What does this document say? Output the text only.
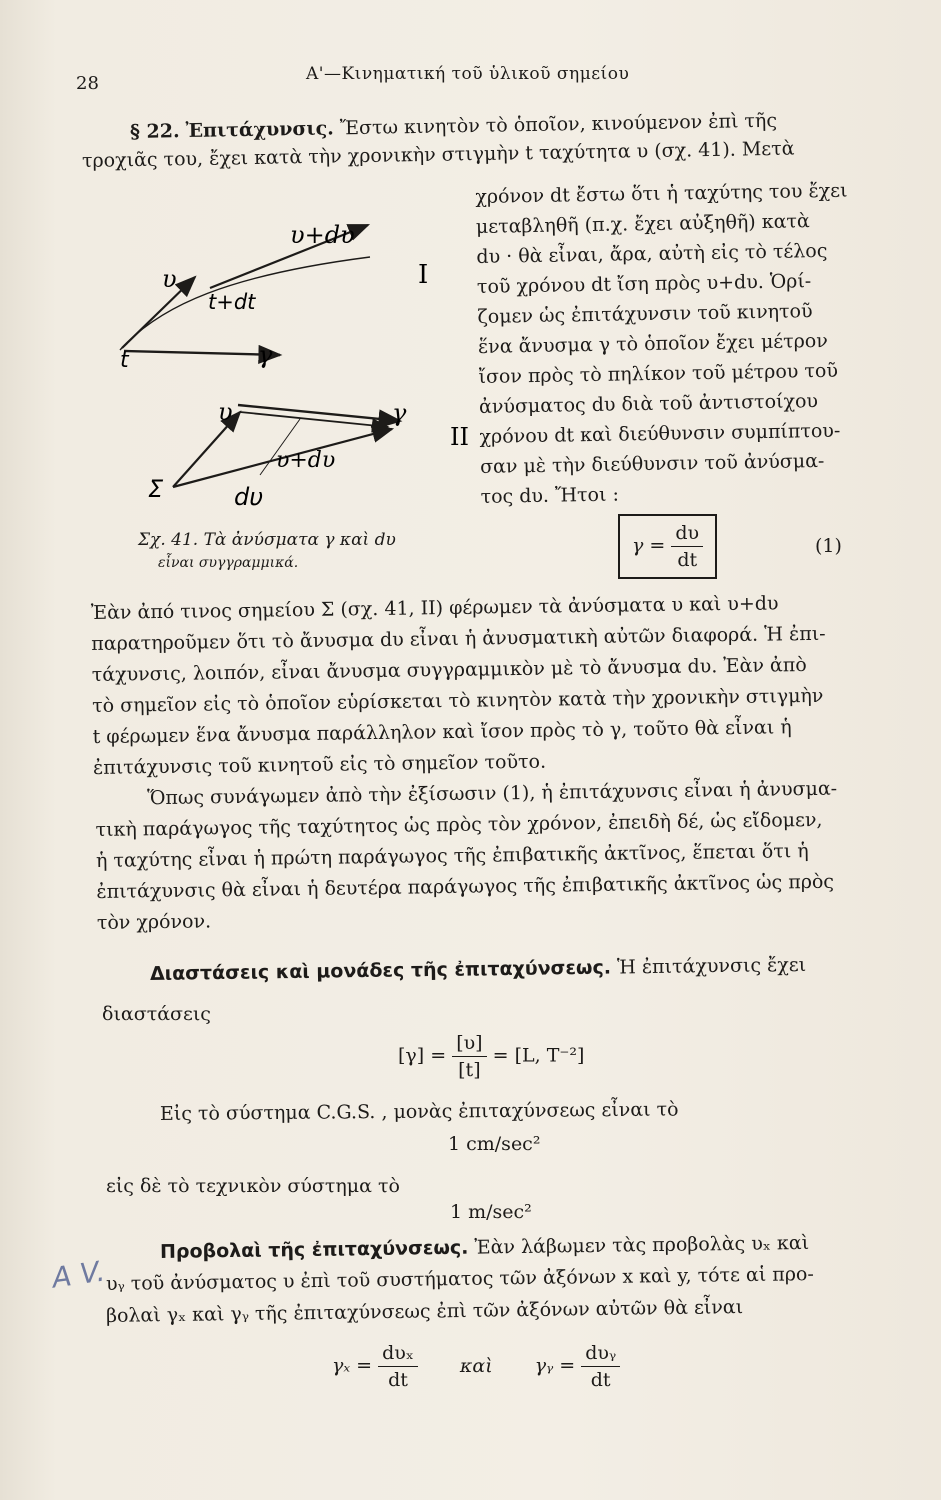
28	A'—Κινηματική τοῦ ὑλικοῦ σημείου
§ 22. Ἐπιτάχυνσις. Ἔστω κινητὸν τὸ ὁποῖον, κινούμενον ἐπὶ τῆς
τροχιᾶς του, ἔχει κατὰ τὴν χρονικὴν στιγμὴν t ταχύτητα υ (σχ. 41). Μετὰ
χρόνον dt ἔστω ὅτι ἡ ταχύτης του ἔχει
μεταβληθῆ (π.χ. ἔχει αὐξηθῆ) κατὰ
dυ · θὰ εἶναι, ἄρα, αὐτὴ εἰς τὸ τέλος
τοῦ χρόνου dt ἴση πρὸς υ+dυ. Ὁρί-
ζομεν ὡς ἐπιτάχυνσιν τοῦ κινητοῦ
ἕνα ἄνυσμα γ τὸ ὁποῖον ἔχει μέτρον
ἴσον πρὸς τὸ πηλίκον τοῦ μέτρου τοῦ
ἀνύσματος dυ διὰ τοῦ ἀντιστοίχου
χρόνου dt καὶ διεύθυνσιν συμπίπτου-
σαν μὲ τὴν διεύθυνσιν τοῦ ἀνύσμα-
τος dυ. Ἤτοι :
υ
υ+dυ
t
t+dt
γ
I
υ
υ+dυ
γ
Σ	dυ
II
Σχ. 41. Τὰ ἀνύσματα γ καὶ dυ
εἶναι συγγραμμικά.
$\gamma = \frac{d\upsilon}{dt}$	(1)
Ἐὰν ἀπό τινος σημείου Σ (σχ. 41, II) φέρωμεν τὰ ἀνύσματα υ καὶ υ+dυ
παρατηροῦμεν ὅτι τὸ ἄνυσμα dυ εἶναι ἡ ἀνυσματικὴ αὐτῶν διαφορά. Ἡ ἐπι-
τάχυνσις, λοιπόν, εἶναι ἄνυσμα συγγραμμικὸν μὲ τὸ ἄνυσμα dυ. Ἐὰν ἀπὸ
τὸ σημεῖον εἰς τὸ ὁποῖον εὑρίσκεται τὸ κινητὸν κατὰ τὴν χρονικὴν στιγμὴν
t φέρωμεν ἕνα ἄνυσμα παράλληλον καὶ ἴσον πρὸς τὸ γ, τοῦτο θὰ εἶναι ἡ
ἐπιτάχυνσις τοῦ κινητοῦ εἰς τὸ σημεῖον τοῦτο.
Ὅπως συνάγωμεν ἀπὸ τὴν ἐξίσωσιν (1), ἡ ἐπιτάχυνσις εἶναι ἡ ἀνυσμα-
τικὴ παράγωγος τῆς ταχύτητος ὡς πρὸς τὸν χρόνον, ἐπειδὴ δέ, ὡς εἴδομεν,
ἡ ταχύτης εἶναι ἡ πρώτη παράγωγος τῆς ἐπιβατικῆς ἀκτῖνος, ἕπεται ὅτι ἡ
ἐπιτάχυνσις θὰ εἶναι ἡ δευτέρα παράγωγος τῆς ἐπιβατικῆς ἀκτῖνος ὡς πρὸς
τὸν χρόνον.
Διαστάσεις καὶ μονάδες τῆς ἐπιταχύνσεως. Ἡ ἐπιτάχυνσις ἔχει
διαστάσεις
$[\gamma] = \frac{[\upsilon]}{[t]} = [L$, T⁻²]
Εἰς τὸ σύστημα C.G.S. , μονὰς ἐπιταχύνσεως εἶναι τὸ
1 cm/sec²
εἰς δὲ τὸ τεχνικὸν σύστημα τὸ
1 m/sec²
A V.
Προβολαὶ τῆς ἐπιταχύνσεως. Ἐὰν λάβωμεν τὰς προβολὰς υₓ καὶ
υᵧ τοῦ ἀνύσματος υ ἐπὶ τοῦ συστήματος τῶν ἀξόνων x καὶ y, τότε αἱ προ-
βολαὶ γₓ καὶ γᵧ τῆς ἐπιταχύνσεως ἐπὶ τῶν ἀξόνων αὐτῶν θὰ εἶναι
$\gamma_x = \frac{\text{dυₓ}}{dt}$ καὶ γᵧ = $\frac{\text{dυᵧ}}{dt}$
